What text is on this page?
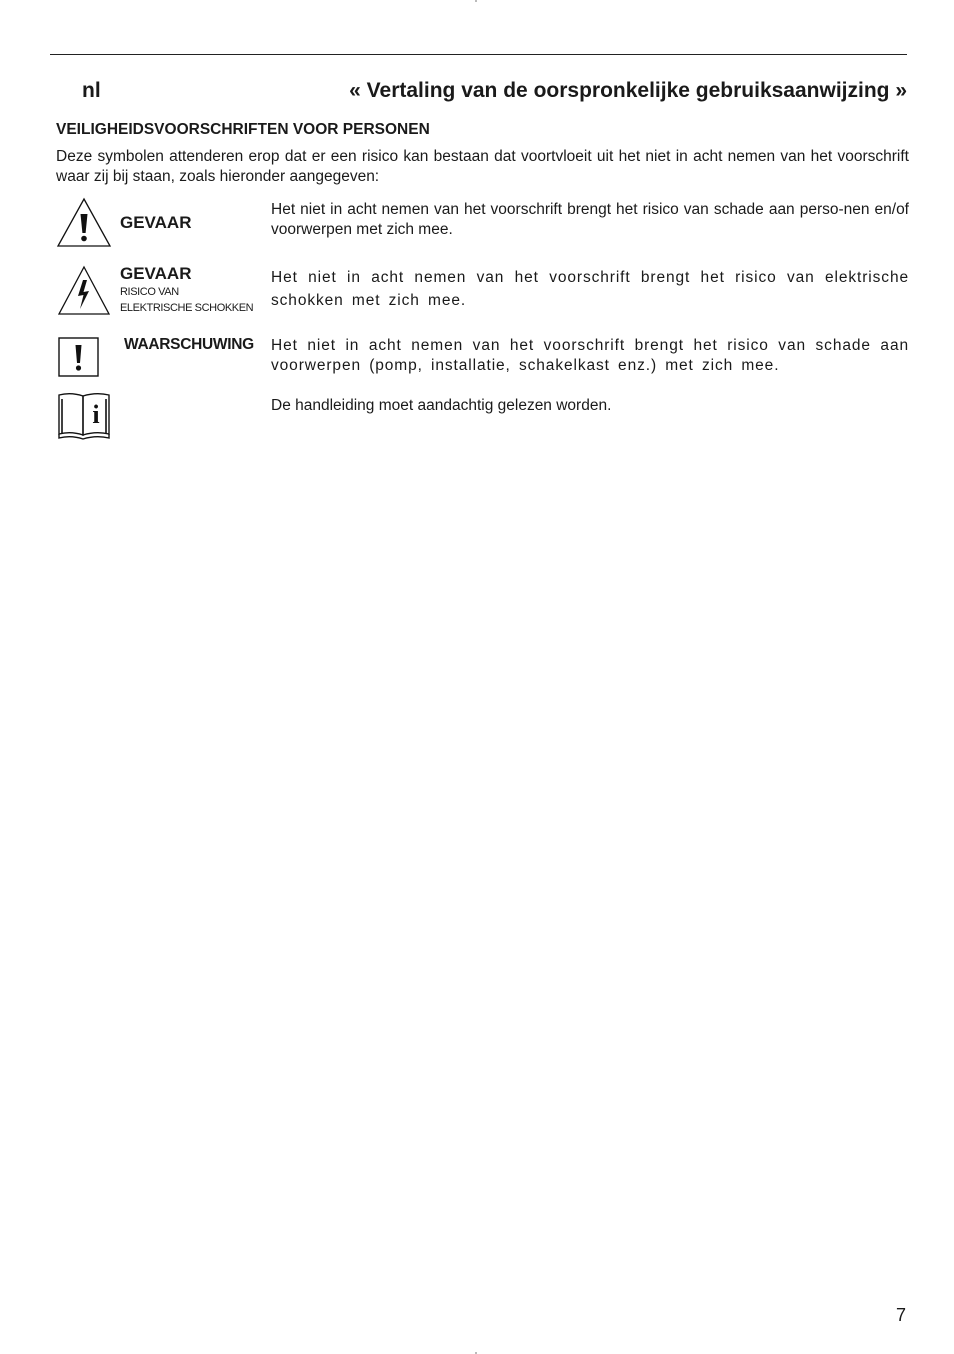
nl	« Vertaling van de oorspronkelijke gebruiksaanwijzing »
VEILIGHEIDSVOORSCHRIFTEN VOOR PERSONEN
Deze symbolen attenderen erop dat er een risico kan bestaan dat voortvloeit uit het niet in acht nemen van het voorschrift waar zij bij staan, zoals hieronder aangegeven:
GEVAAR
Het niet in acht nemen van het voorschrift brengt het risico van schade aan perso-nen en/of voorwerpen met zich mee.
GEVAAR
RISICO VAN
ELEKTRISCHE SCHOKKEN
Het niet in acht nemen van het voorschrift brengt het risico van elektrische schokken met zich mee.
WAARSCHUWING Het niet in acht nemen van het voorschrift brengt het risico van schade aan voorwerpen (pomp, installatie, schakelkast enz.) met zich mee.
i	De handleiding moet aandachtig gelezen worden.
7
